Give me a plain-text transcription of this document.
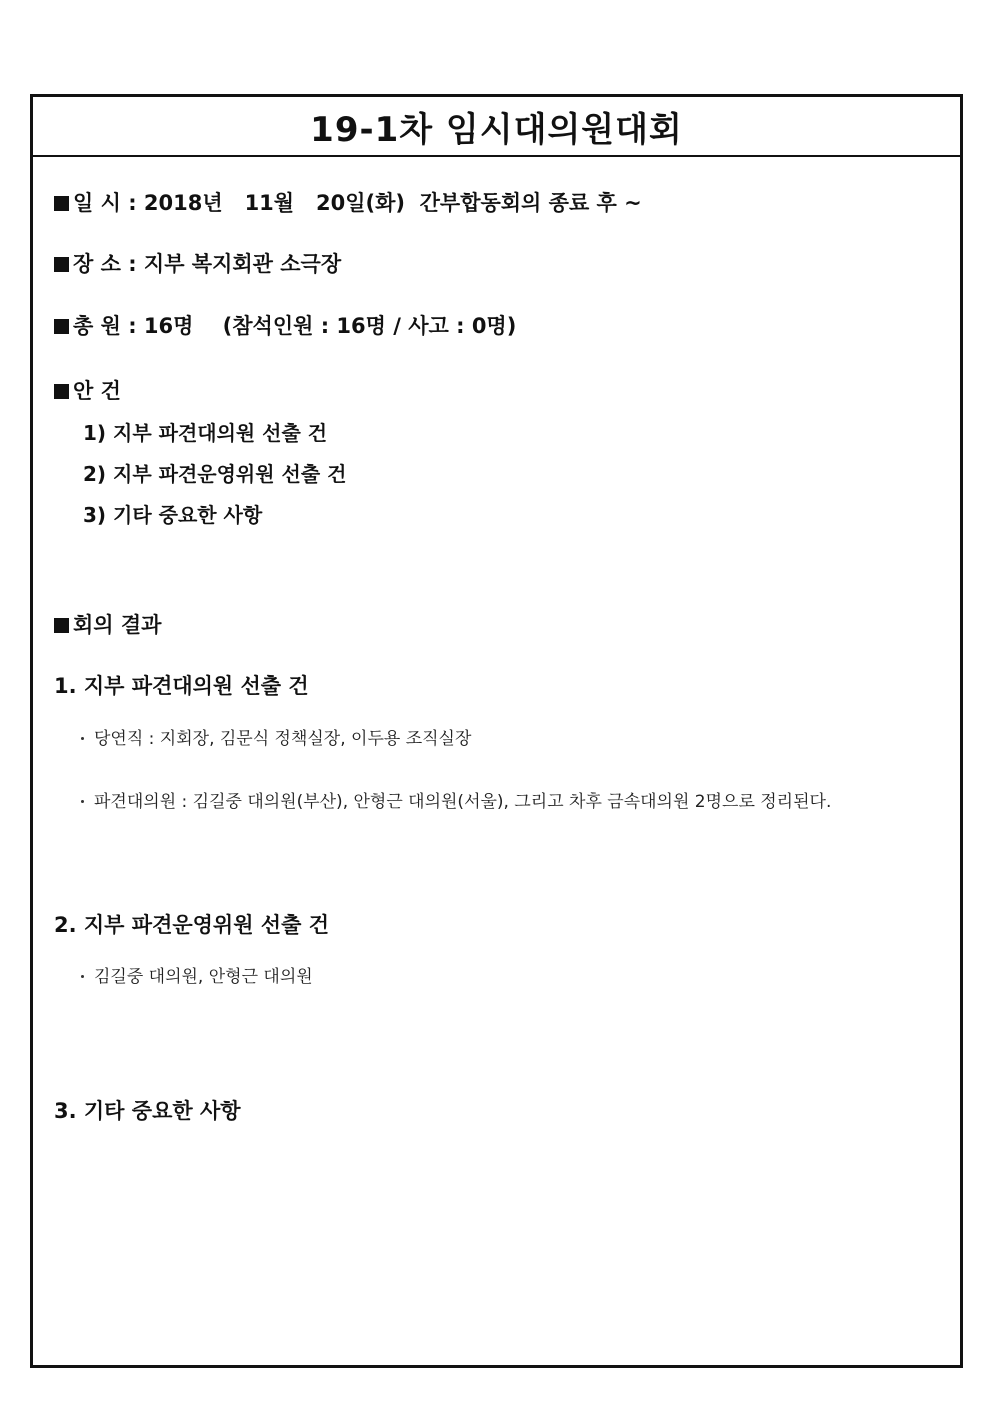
19-1차 임시대의원대회
일 시 : 2018년   11월   20일(화)  간부합동회의 종료 후 ~
장 소 : 지부 복지회관 소극장
총 원 : 16명    (참석인원 : 16명 / 사고 : 0명)
안 건
1) 지부 파견대의원 선출 건
2) 지부 파견운영위원 선출 건
3) 기타 중요한 사항
회의 결과
1. 지부 파견대의원 선출 건
당연직 : 지회장, 김문식 정책실장, 이두용 조직실장
파견대의원 : 김길중 대의원(부산), 안형근 대의원(서울), 그리고 차후 금속대의원 2명으로 정리된다.
2. 지부 파견운영위원 선출 건
김길중 대의원, 안형근 대의원
3. 기타 중요한 사항
